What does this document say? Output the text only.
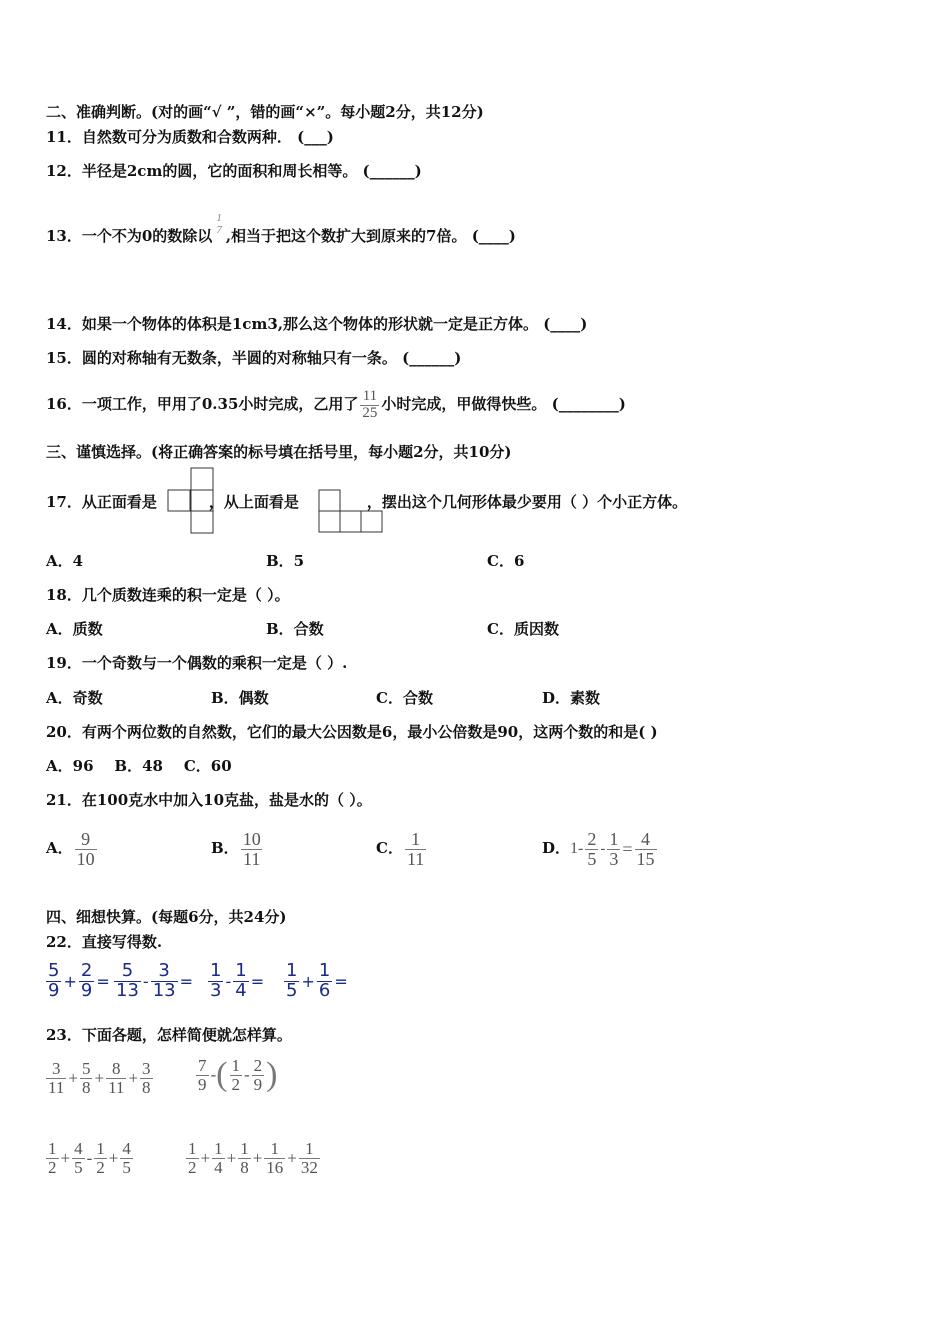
二、准确判断。(对的画“√ ”，错的画“×”。每小题2分，共12分)
11．自然数可分为质数和合数两种． (___)
12．半径是2cm的圆，它的面积和周长相等。 (______)
13．一个不为0的数除以
1
7 ,相当于把这个数扩大到原来的7倍。 (____)
14．如果一个物体的体积是1cm3,那么这个物体的形状就一定是正方体。 (____)
15．圆的对称轴有无数条，半圆的对称轴只有一条。 (______)
16．一项工作，甲用了0.35小时完成，乙用了 $\frac{11}{25}$ 小时完成，甲做得快些。 (________)
三、谨慎选择。(将正确答案的标号填在括号里，每小题2分，共10分)
17．从正面看是	，从上面看是	，摆出这个几何形体最少要用（ ）个小正方体。
A．4	B．5	C．6
18．几个质数连乘的积一定是（ ）。
A．质数	B．合数	C．质因数
19．一个奇数与一个偶数的乘积一定是（ ）.
A．奇数	B．偶数	C．合数	D．素数
20．有两个两位数的自然数，它们的最大公因数是6，最小公倍数是90，这两个数的和是( )
A．96    B．48    C．60
21．在100克水中加入10克盐，盐是水的（ ）。
A． $\frac{9}{10}$	B． $\frac{10}{11}$	C． $\frac{1}{11}$	D．$1- \frac{2}{5} - \frac{1}{3} = \frac{4}{15}$
四、细想快算。(每题6分，共24分)
22．直接写得数.
$\frac{5}{9} + \frac{2}{9} = \frac{5}{13} - \frac{3}{13} = \frac{1}{3} - \frac{1}{4} = \frac{1}{5} + \frac{1}{6}$ =
23．下面各题，怎样简便就怎样算。
$\frac{3}{11} + \frac{5}{8} + \frac{8}{11} + \frac{3}{8}$	$\frac{7}{9}$ -( $\frac{1}{2} - \frac{2}{9}$ )
$\frac{1}{2} + \frac{4}{5} - \frac{1}{2} + \frac{4}{5}$	$\frac{1}{2} + \frac{1}{4} + \frac{1}{8} + \frac{1}{16} + \frac{1}{32}$
